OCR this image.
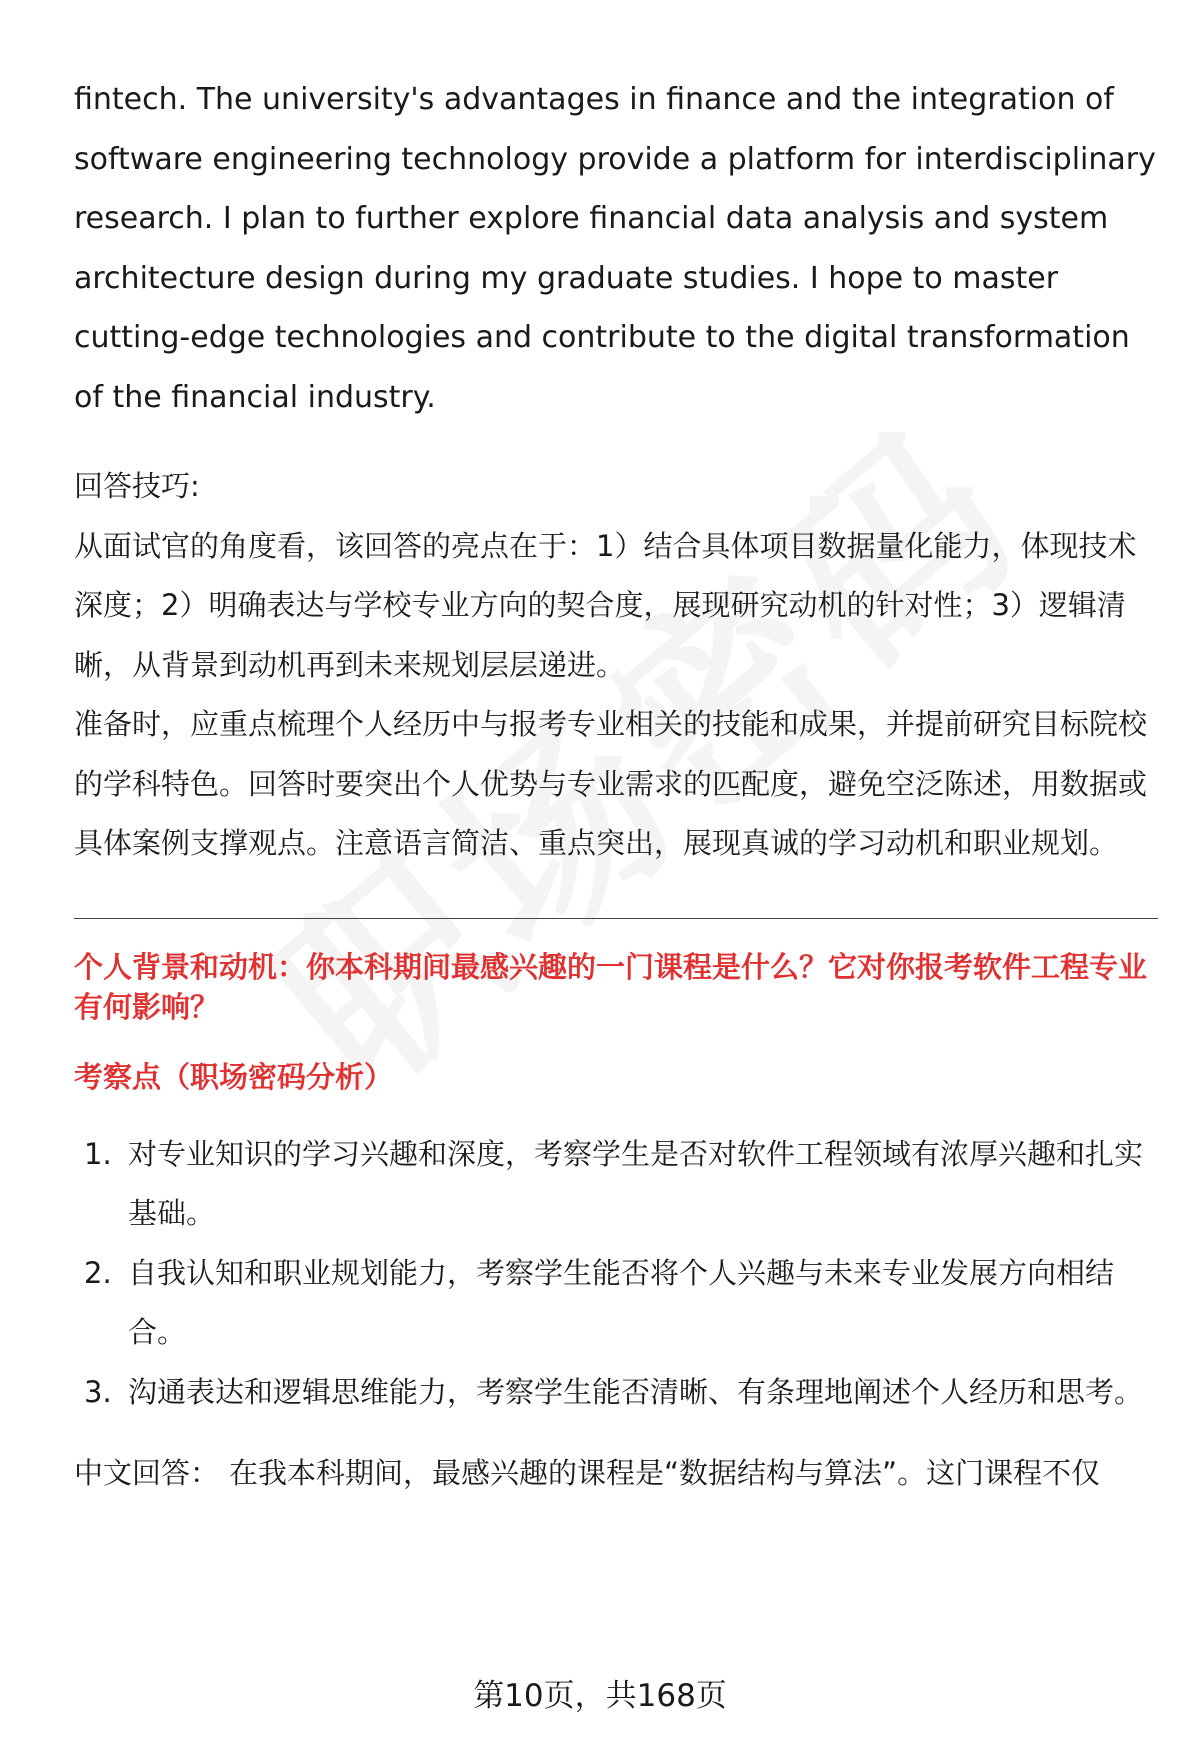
fintech. The university's advantages in finance and the integration of software engineering technology provide a platform for interdisciplinary research. I plan to further explore financial data analysis and system architecture design during my graduate studies. I hope to master cutting-edge technologies and contribute to the digital transformation of the financial industry.

回答技巧:

从面试官的角度看，该回答的亮点在于：1）结合具体项目数据量化能力，体现技术深度；2）明确表达与学校专业方向的契合度，展现研究动机的针对性；3）逻辑清晰，从背景到动机再到未来规划层层递进。

准备时，应重点梳理个人经历中与报考专业相关的技能和成果，并提前研究目标院校的学科特色。回答时要突出个人优势与专业需求的匹配度，避免空泛陈述，用数据或具体案例支撑观点。注意语言简洁、重点突出，展现真诚的学习动机和职业规划。

个人背景和动机：你本科期间最感兴趣的一门课程是什么？它对你报考软件工程专业有何影响？
考察点（职场密码分析）
1. 对专业知识的学习兴趣和深度，考察学生是否对软件工程领域有浓厚兴趣和扎实基础。
2. 自我认知和职业规划能力，考察学生能否将个人兴趣与未来专业发展方向相结合。
3. 沟通表达和逻辑思维能力，考察学生能否清晰、有条理地阐述个人经历和思考。

中文回答： 在我本科期间，最感兴趣的课程是“数据结构与算法”。这门课程不仅

第10页，共168页
